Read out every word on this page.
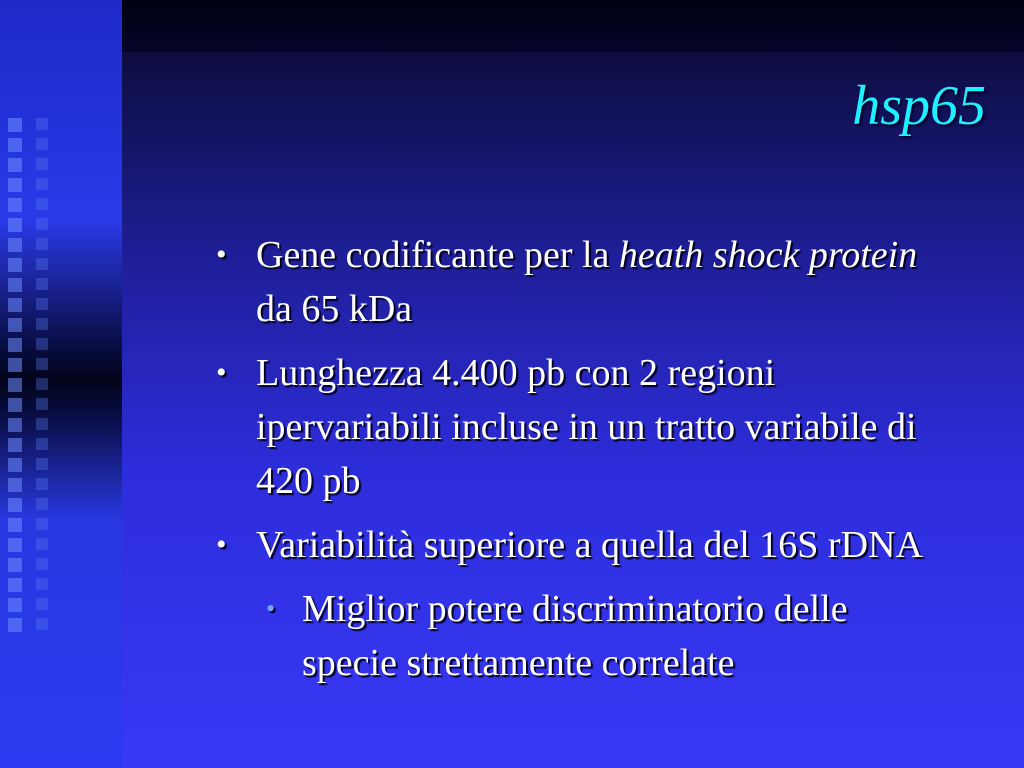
hsp65
• Gene codificante per la heath shock protein da 65 kDa
• Lunghezza 4.400 pb con 2 regioni ipervariabili incluse in un tratto variabile di 420 pb
• Variabilità superiore a quella del 16S rDNA
• Miglior potere discriminatorio delle specie strettamente correlate
